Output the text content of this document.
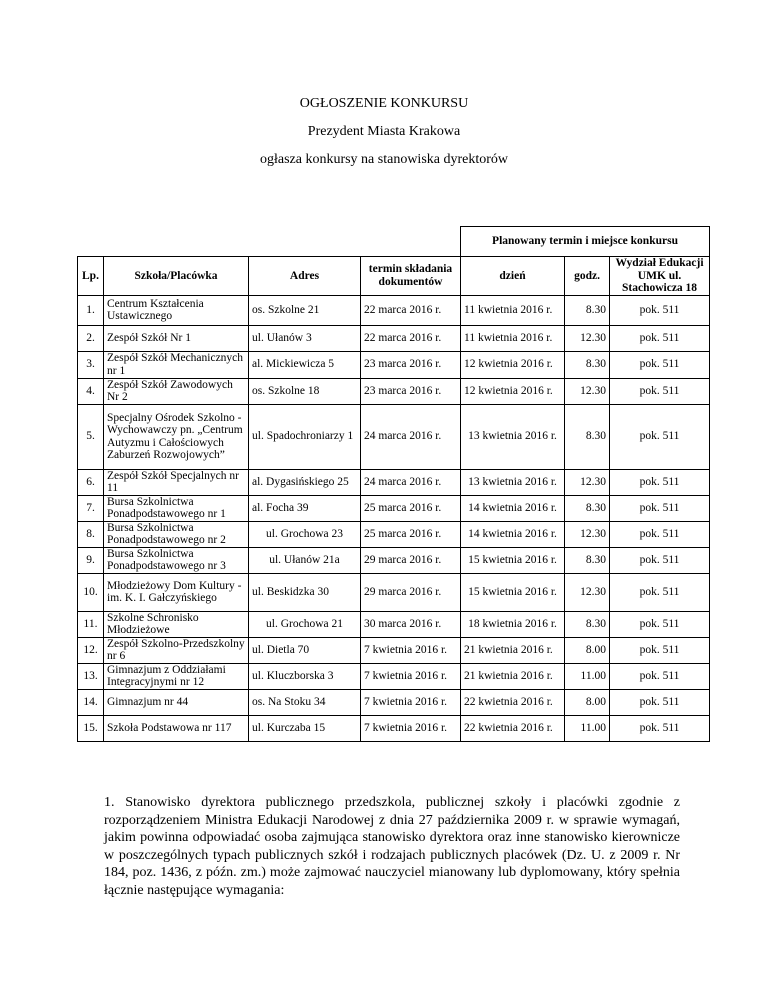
OGŁOSZENIE KONKURSU
Prezydent Miasta Krakowa
ogłasza konkursy na stanowiska dyrektorów
				Planowany termin i miejsce konkursu		
Lp.	Szkoła/Placówka	Adres	termin składania dokumentów	dzień	godz.	Wydział Edukacji UMK ul. Stachowicza 18
1.	Centrum Kształcenia Ustawicznego	os. Szkolne 21	22 marca 2016 r.	11 kwietnia 2016 r.	8.30	pok. 511
2.	Zespół Szkół Nr 1	ul. Ułanów 3	22 marca 2016 r.	11 kwietnia 2016 r.	12.30	pok. 511
3.	Zespół Szkół Mechanicznych nr 1	al. Mickiewicza 5	23 marca 2016 r.	12 kwietnia 2016 r.	8.30	pok. 511
4.	Zespół Szkół Zawodowych Nr 2	os. Szkolne 18	23 marca 2016 r.	12 kwietnia 2016 r.	12.30	pok. 511
5.	Specjalny Ośrodek Szkolno - Wychowawczy pn. „Centrum Autyzmu i Całościowych Zaburzeń Rozwojowych”	ul. Spadochroniarzy 1	24 marca 2016 r.	13 kwietnia 2016 r.	8.30	pok. 511
6.	Zespół Szkół Specjalnych nr 11	al. Dygasińskiego 25	24 marca 2016 r.	13 kwietnia 2016 r.	12.30	pok. 511
7.	Bursa Szkolnictwa Ponadpodstawowego nr 1	al. Focha 39	25 marca 2016 r.	14 kwietnia 2016 r.	8.30	pok. 511
8.	Bursa Szkolnictwa Ponadpodstawowego nr 2	ul. Grochowa 23	25 marca 2016 r.	14 kwietnia 2016 r.	12.30	pok. 511
9.	Bursa Szkolnictwa Ponadpodstawowego nr 3	ul. Ułanów 21a	29 marca 2016 r.	15 kwietnia 2016 r.	8.30	pok. 511
10.	Młodzieżowy Dom Kultury - im. K. I. Gałczyńskiego	ul. Beskidzka 30	29 marca 2016 r.	15 kwietnia 2016 r.	12.30	pok. 511
11.	Szkolne Schronisko Młodzieżowe	ul. Grochowa 21	30 marca 2016 r.	18 kwietnia 2016 r.	8.30	pok. 511
12.	Zespół Szkolno-Przedszkolny nr 6	ul. Dietla 70	7 kwietnia 2016 r.	21 kwietnia 2016 r.	8.00	pok. 511
13.	Gimnazjum z Oddziałami Integracyjnymi nr 12	ul. Kluczborska 3	7 kwietnia 2016 r.	21 kwietnia 2016 r.	11.00	pok. 511
14.	Gimnazjum nr 44	os. Na Stoku 34	7 kwietnia 2016 r.	22 kwietnia 2016 r.	8.00	pok. 511
15.	Szkoła Podstawowa nr 117	ul. Kurczaba 15	7 kwietnia 2016 r.	22 kwietnia 2016 r.	11.00	pok. 511

1. Stanowisko dyrektora publicznego przedszkola, publicznej szkoły i placówki zgodnie z rozporządzeniem Ministra Edukacji Narodowej z dnia 27 października 2009 r. w sprawie wymagań, jakim powinna odpowiadać osoba zajmująca stanowisko dyrektora oraz inne stanowisko kierownicze w poszczególnych typach publicznych szkół i rodzajach publicznych placówek (Dz. U. z 2009 r. Nr 184, poz. 1436, z późn. zm.) może zajmować nauczyciel mianowany lub dyplomowany, który spełnia łącznie następujące wymagania:
